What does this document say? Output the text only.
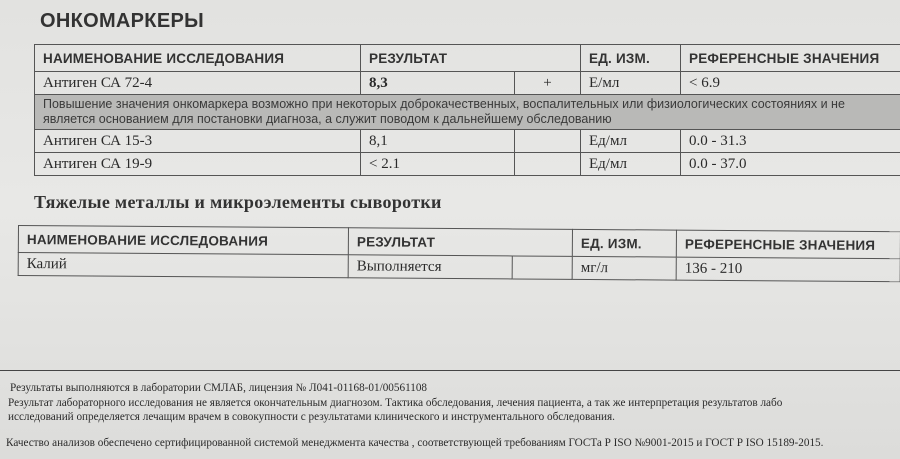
ОНКОМАРКЕРЫ
НАИМЕНОВАНИЕ ИССЛЕДОВАНИЯ	РЕЗУЛЬТАТ		ЕД. ИЗМ.	РЕФЕРЕНСНЫЕ ЗНАЧЕНИЯ
Антиген СА 72-4	8,3	+	Е/мл	< 6.9
Повышение значения онкомаркера возможно при некоторых доброкачественных, воспалительных или физиологических состояниях и не является основанием для постановки диагноза, а служит поводом к дальнейшему обследованию				
Антиген СА 15-3	8,1		Ед/мл	0.0 - 31.3
Антиген СА 19-9	< 2.1		Ед/мл	0.0 - 37.0
Тяжелые металлы и микроэлементы сыворотки
НАИМЕНОВАНИЕ ИССЛЕДОВАНИЯ	РЕЗУЛЬТАТ		ЕД. ИЗМ.	РЕФЕРЕНСНЫЕ ЗНАЧЕНИЯ
Калий	Выполняется		мг/л	136 - 210
Результаты выполняются в лаборатории СМЛАБ, лицензия № Л041-01168-01/00561108
Результат лабораторного исследования не является окончательным диагнозом. Тактика обследования, лечения пациента, а так же интерпретация результатов лабо
исследований определяется лечащим врачем в совокупности с результатами клинического и инструментального обследования.
Качество анализов обеспечено сертифицированной системой менеджмента качества , соответствующей требованиям ГОСТа Р ISO №9001-2015 и ГОСТ Р ISO 15189-2015.
